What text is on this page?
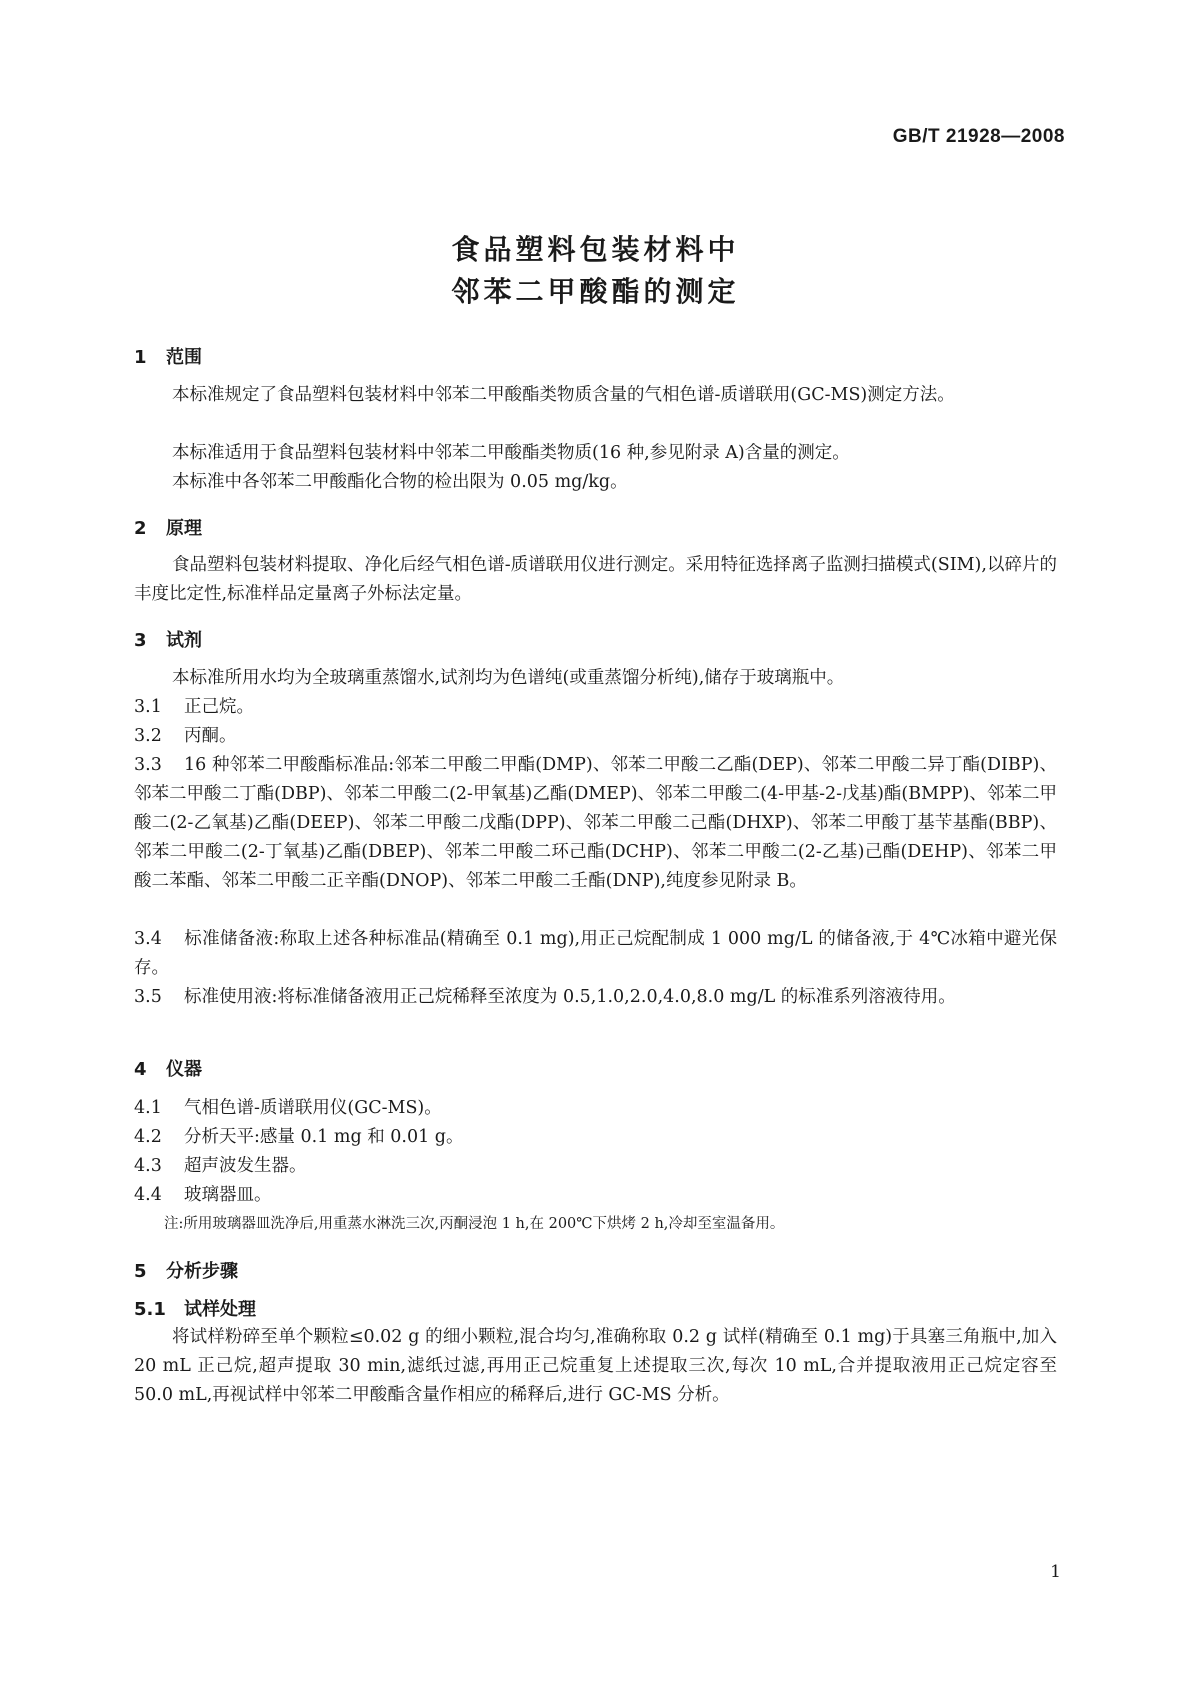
GB/T 21928—2008
食品塑料包装材料中
邻苯二甲酸酯的测定
1 范围
本标准规定了食品塑料包装材料中邻苯二甲酸酯类物质含量的气相色谱-质谱联用(GC-MS)测定方法。
本标准适用于食品塑料包装材料中邻苯二甲酸酯类物质(16 种,参见附录 A)含量的测定。
本标准中各邻苯二甲酸酯化合物的检出限为 0.05 mg/kg。
2 原理
食品塑料包装材料提取、净化后经气相色谱-质谱联用仪进行测定。采用特征选择离子监测扫描模式(SIM),以碎片的丰度比定性,标准样品定量离子外标法定量。
3 试剂
本标准所用水均为全玻璃重蒸馏水,试剂均为色谱纯(或重蒸馏分析纯),储存于玻璃瓶中。
3.1 正己烷。
3.2 丙酮。
3.3 16 种邻苯二甲酸酯标准品:邻苯二甲酸二甲酯(DMP)、邻苯二甲酸二乙酯(DEP)、邻苯二甲酸二异丁酯(DIBP)、邻苯二甲酸二丁酯(DBP)、邻苯二甲酸二(2-甲氧基)乙酯(DMEP)、邻苯二甲酸二(4-甲基-2-戊基)酯(BMPP)、邻苯二甲酸二(2-乙氧基)乙酯(DEEP)、邻苯二甲酸二戊酯(DPP)、邻苯二甲酸二己酯(DHXP)、邻苯二甲酸丁基苄基酯(BBP)、邻苯二甲酸二(2-丁氧基)乙酯(DBEP)、邻苯二甲酸二环己酯(DCHP)、邻苯二甲酸二(2-乙基)己酯(DEHP)、邻苯二甲酸二苯酯、邻苯二甲酸二正辛酯(DNOP)、邻苯二甲酸二壬酯(DNP),纯度参见附录 B。
3.4 标准储备液:称取上述各种标准品(精确至 0.1 mg),用正己烷配制成 1 000 mg/L 的储备液,于 4℃冰箱中避光保存。
3.5 标准使用液:将标准储备液用正己烷稀释至浓度为 0.5,1.0,2.0,4.0,8.0 mg/L 的标准系列溶液待用。
4 仪器
4.1 气相色谱-质谱联用仪(GC-MS)。
4.2 分析天平:感量 0.1 mg 和 0.01 g。
4.3 超声波发生器。
4.4 玻璃器皿。
注:所用玻璃器皿洗净后,用重蒸水淋洗三次,丙酮浸泡 1 h,在 200℃下烘烤 2 h,冷却至室温备用。
5 分析步骤
5.1 试样处理
将试样粉碎至单个颗粒≤0.02 g 的细小颗粒,混合均匀,准确称取 0.2 g 试样(精确至 0.1 mg)于具塞三角瓶中,加入 20 mL 正己烷,超声提取 30 min,滤纸过滤,再用正己烷重复上述提取三次,每次 10 mL,合并提取液用正己烷定容至 50.0 mL,再视试样中邻苯二甲酸酯含量作相应的稀释后,进行 GC-MS 分析。
1
